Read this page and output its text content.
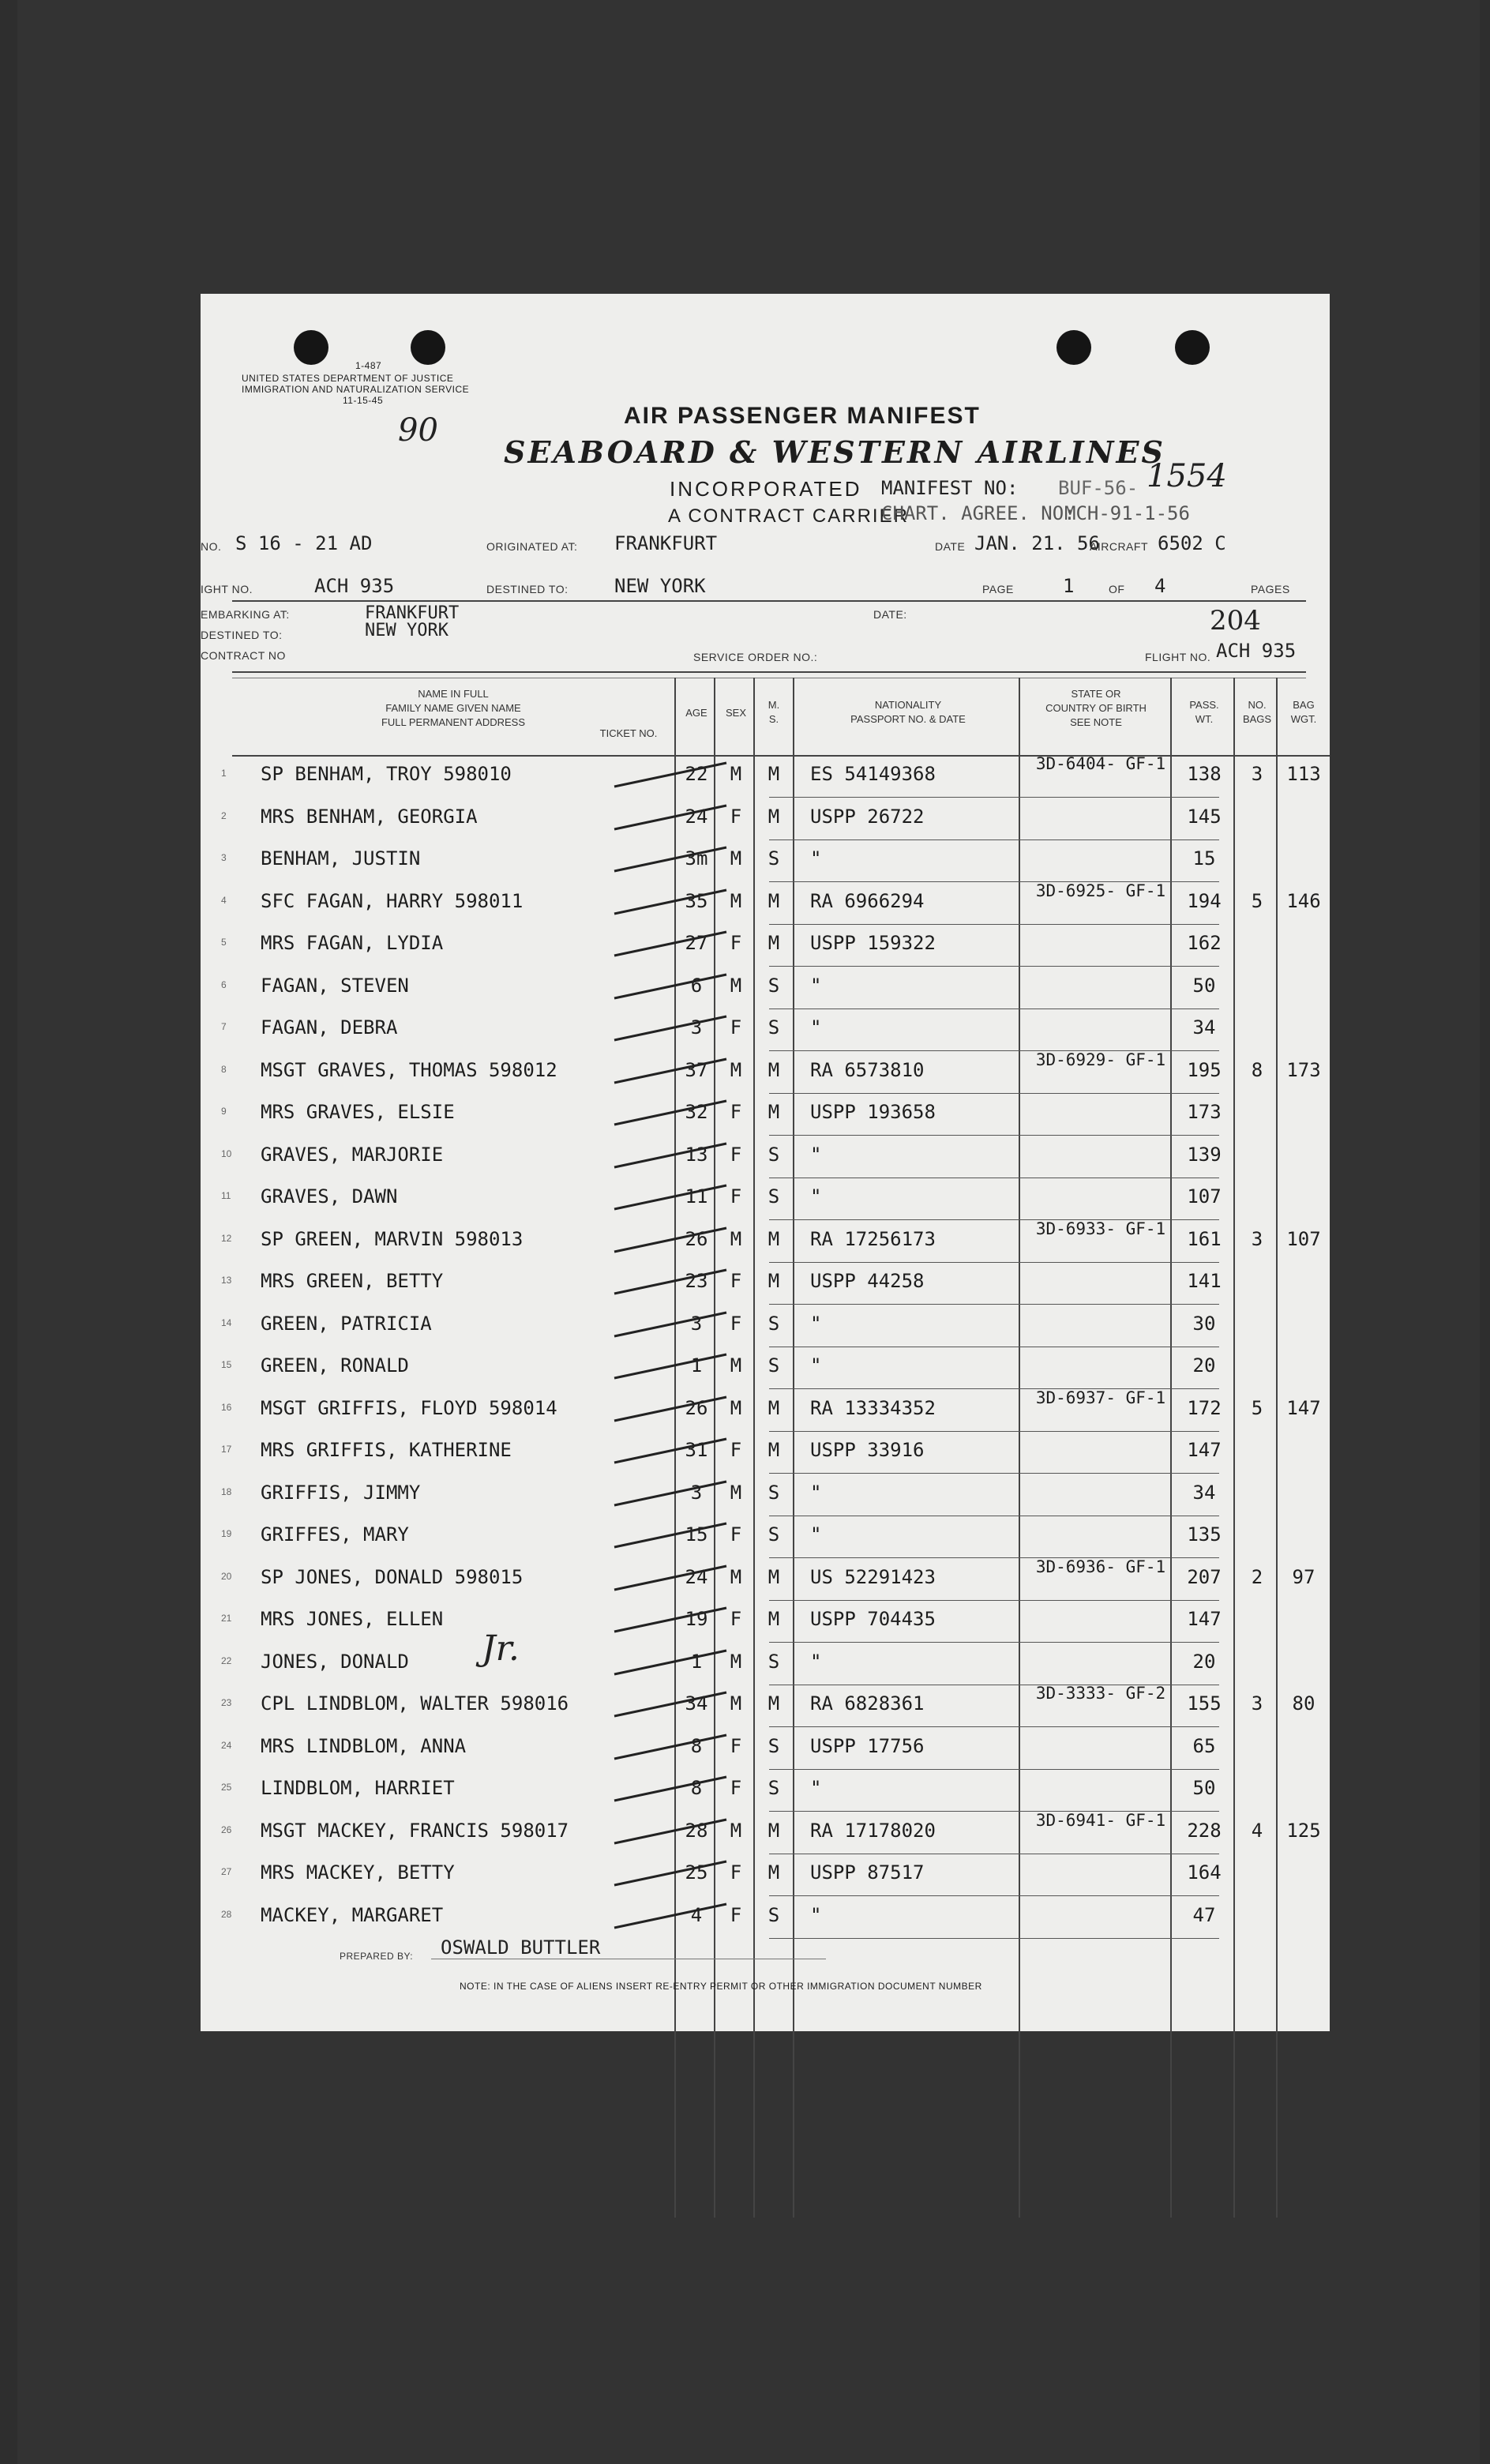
1-487
UNITED STATES DEPARTMENT OF JUSTICE
IMMIGRATION AND NATURALIZATION SERVICE
11-15-45
90	AIR PASSENGER MANIFEST
SEABOARD & WESTERN AIRLINES
INCORPORATED
A CONTRACT CARRIER
MANIFEST NO: BUF-56- 1554
CHART. AGREE. NO:
MCH-91-1-56
NO. S 16 - 21 AD	ORIGINATED AT: FRANKFURT	DATE JAN. 21. 56
AIRCRAFT 6502 C
IGHT NO.	ACH 935	DESTINED TO: NEW YORK	PAGE	1	OF 4	PAGES
EMBARKING AT:	FRANKFURT
DESTINED TO:	NEW YORK
DATE:	204
CONTRACT NO	SERVICE ORDER NO.:	FLIGHT NO. ACH 935
NAME IN FULL
FAMILY NAME GIVEN NAME
FULL PERMANENT ADDRESS
TICKET NO.
AGE	SEX
M.
S.
NATIONALITY
PASSPORT NO. & DATE
STATE OR
COUNTRY OF BIRTH
SEE NOTE
PASS.
WT.
NO.
BAGS
BAG
WGT.
1 SP BENHAM, TROY 598010	22	M	M	ES 54149368	3D-6404- GF-1	138	3	113
2 MRS BENHAM, GEORGIA	24	F	M	USPP 26722	145
3 BENHAM, JUSTIN	3m	M	S	"	15
4 SFC FAGAN, HARRY 598011	35	M	M	RA 6966294	3D-6925- GF-1	194	5	146
5 MRS FAGAN, LYDIA	27	F	M	USPP 159322	162
6 FAGAN, STEVEN	6	M	S	"	50
7 FAGAN, DEBRA	3	F	S	"	34
8 MSGT GRAVES, THOMAS 598012	37	M	M	RA 6573810	3D-6929- GF-1	195	8	173
9 MRS GRAVES, ELSIE	32	F	M	USPP 193658	173
10 GRAVES, MARJORIE	13	F	S	"	139
11 GRAVES, DAWN	11	F	S	"	107
12 SP GREEN, MARVIN 598013	26	M	M	RA 17256173	3D-6933- GF-1	161	3	107
13 MRS GREEN, BETTY	23	F	M	USPP 44258	141
14 GREEN, PATRICIA	3	F	S	"	30
15 GREEN, RONALD	1	M	S	"	20
16 MSGT GRIFFIS, FLOYD 598014	26	M	M	RA 13334352	3D-6937- GF-1	172	5	147
17 MRS GRIFFIS, KATHERINE	31	F	M	USPP 33916	147
18 GRIFFIS, JIMMY	3	M	S	"	34
19 GRIFFES, MARY	15	F	S	"	135
20 SP JONES, DONALD 598015	24	M	M	US 52291423	3D-6936- GF-1	207	2	97
21 MRS JONES, ELLEN	19	F	M	USPP 704435	147
22 JONES, DONALD	1	M	S	"	20
23 CPL LINDBLOM, WALTER 598016	34	M	M	RA 6828361	3D-3333- GF-2	155	3	80
24 MRS LINDBLOM, ANNA	8	F	S	USPP 17756	65
25 LINDBLOM, HARRIET	8	F	S	"	50
26 MSGT MACKEY, FRANCIS 598017	28	M	M	RA 17178020	3D-6941- GF-1	228	4	125
27 MRS MACKEY, BETTY	25	F	M	USPP 87517	164
28 MACKEY, MARGARET	4	F	S	"	47
Jr.
PREPARED BY: OSWALD BUTTLER
NOTE: IN THE CASE OF ALIENS INSERT RE-ENTRY PERMIT OR OTHER IMMIGRATION DOCUMENT NUMBER
